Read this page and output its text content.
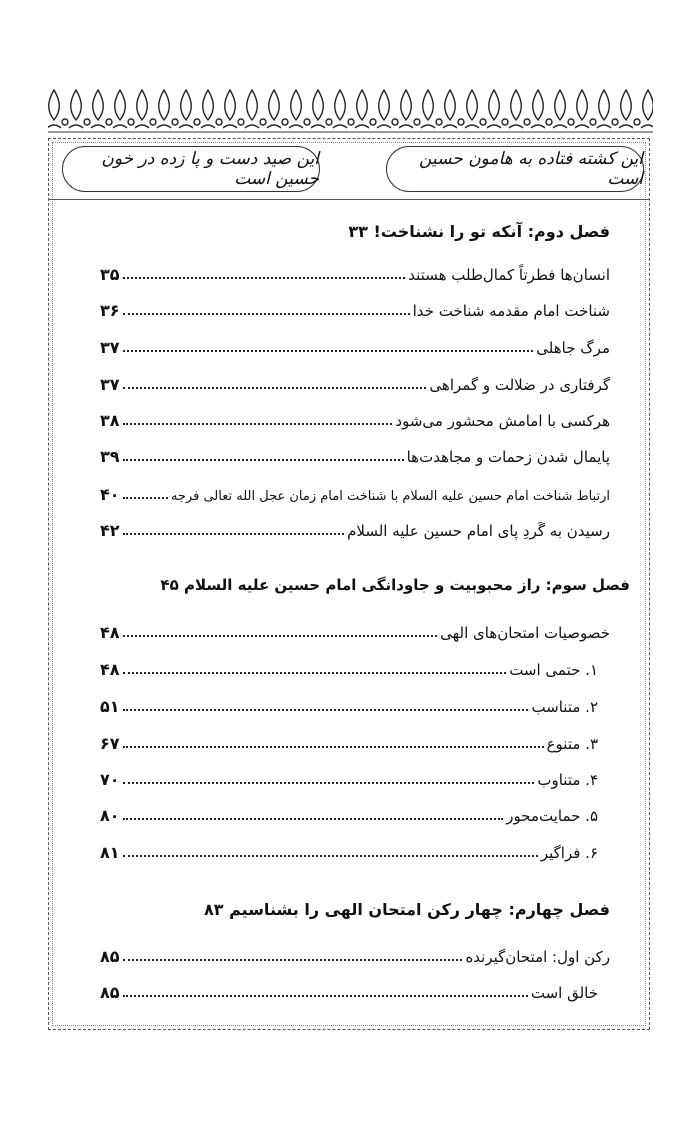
این کشته فتاده به هامون حسین است
این صید دست و پا زده در خون حسین است
فصل دوم: آنکه تو را نشناخت! ۳۳
انسان‌ها فطرتاً کمال‌طلب هستند
۳۵
شناخت امام مقدمه شناخت خدا
۳۶
مرگ جاهلی
۳۷
گرفتاری در ضلالت و گمراهی
۳۷
هرکسی با امامش محشور می‌شود
۳۸
پایمال شدن زحمات و مجاهدت‌ها
۳۹
ارتباط شناخت امام حسین علیه السلام با شناخت امام زمان عجل الله تعالی فرجه
۴۰
رسیدن به گَردِ پای امام حسین علیه السلام
۴۲
فصل سوم: راز محبوبیت و جاودانگی امام حسین علیه السلام ۴۵
خصوصیات امتحان‌های الهی
۴۸
۱. حتمی است
۴۸
۲. متناسب
۵۱
۳. متنوع
۶۷
۴. متناوب
۷۰
۵. حمایت‌محور
۸۰
۶. فراگیر
۸۱
فصل چهارم: چهار رکن امتحان الهی را بشناسیم ۸۳
رکن اول: امتحان‌گیرنده
۸۵
خالق است
۸۵
